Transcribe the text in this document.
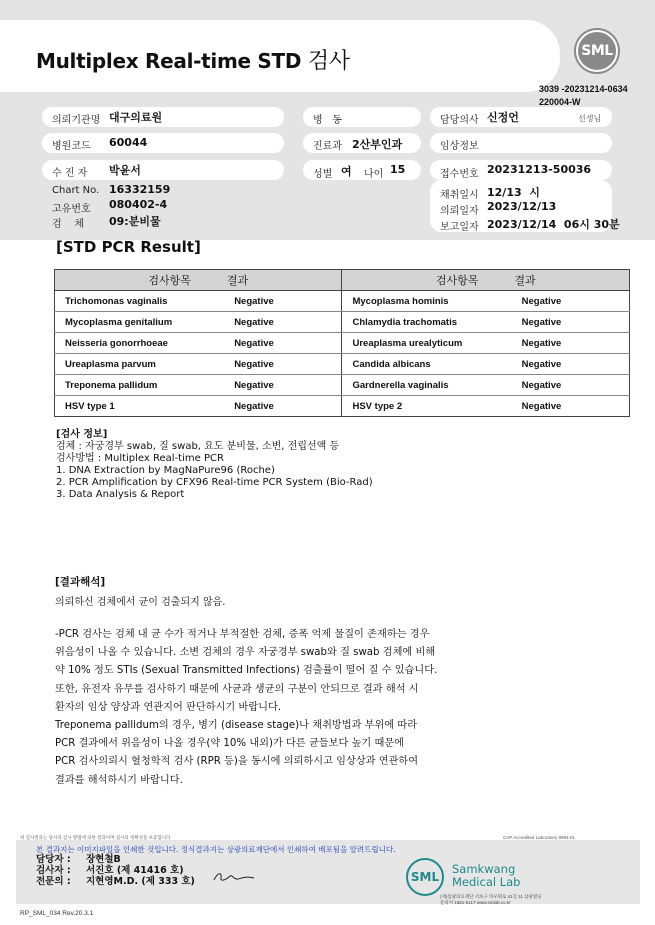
Multiplex Real-time STD 검사	SML
3039 -20231214-0634
220004-W
의뢰기관명 대구의료원
병원코드 60044
수 진 자 박윤서
Chart No. 16332159
고유번호 080402-4
검    체 09:분비물
병   동
진료과 2산부인과
성별 여 나이 15
담당의사 신정언	선생님
임상정보
접수번호 20231213-50036
채취일시 12/13  시
의뢰일자 2023/12/13
보고일자 2023/12/14  06시 30분
[STD PCR Result]
검사항목 결과		검사항목 결과	

Trichomonas vaginalis	Negative	Mycoplasma hominis	Negative
Mycoplasma genitalium	Negative	Chlamydia trachomatis	Negative
Neisseria gonorrhoeae	Negative	Ureaplasma urealyticum	Negative
Ureaplasma parvum	Negative	Candida albicans	Negative
Treponema pallidum	Negative	Gardnerella vaginalis	Negative
HSV type 1	Negative	HSV type 2	Negative
[검사 정보]
검체 : 자궁경부 swab, 질 swab, 요도 분비물, 소변, 전립선액 등
검사방법 : Multiplex Real-time PCR
1. DNA Extraction by MagNaPure96 (Roche)
2. PCR Amplification by CFX96 Real-time PCR System (Bio-Rad)
3. Data Analysis & Report
[결과해석]
의뢰하신 검체에서 균이 검출되지 않음.
-PCR 검사는 검체 내 균 수가 적거나 부적절한 검체, 증폭 억제 물질이 존재하는 경우
위음성이 나올 수 있습니다. 소변 검체의 경우 자궁경부 swab와 질 swab 검체에 비해
약 10% 정도 STIs (Sexual Transmitted Infections) 검출률이 떨어 질 수 있습니다.
또한, 유전자 유무를 검사하기 때문에 사균과 생균의 구분이 안되므로 결과 해석 시
환자의 임상 양상과 연관지어 판단하시기 바랍니다.
Treponema pallidum의 경우, 병기 (disease stage)나 채취방법과 부위에 따라
PCR 결과에서 위음성이 나올 경우(약 10% 내외)가 다른 균들보다 높기 때문에
PCR 검사의뢰시 혈청학적 검사 (RPR 등)을 동시에 의뢰하시고 임상상과 연관하여
결과를 해석하시기 바랍니다.
위 검사결과는 당사의 검사 방법에 의한 결과이며 검사의 정확성을 보증합니다.	CAP Accredited Laboratory 8994-01
본 결과지는 이미지파일을 인쇄한 것입니다. 정식결과지는 상광의료재단에서 인쇄하여 배포됨을 알려드립니다.
담당자 :	장현철B
검사자 :	서진호 (제 41416 호)
전문의 :	지현영M.D. (제 333 호)	SML
Samkwang
Medical Lab
(재)삼광의료재단 서초구 바우뫼로 41길 11 삼광빌딩
문의처 1661-5117 www.smlab.co.kr
RP_SML_034 Rev.20.3.1
